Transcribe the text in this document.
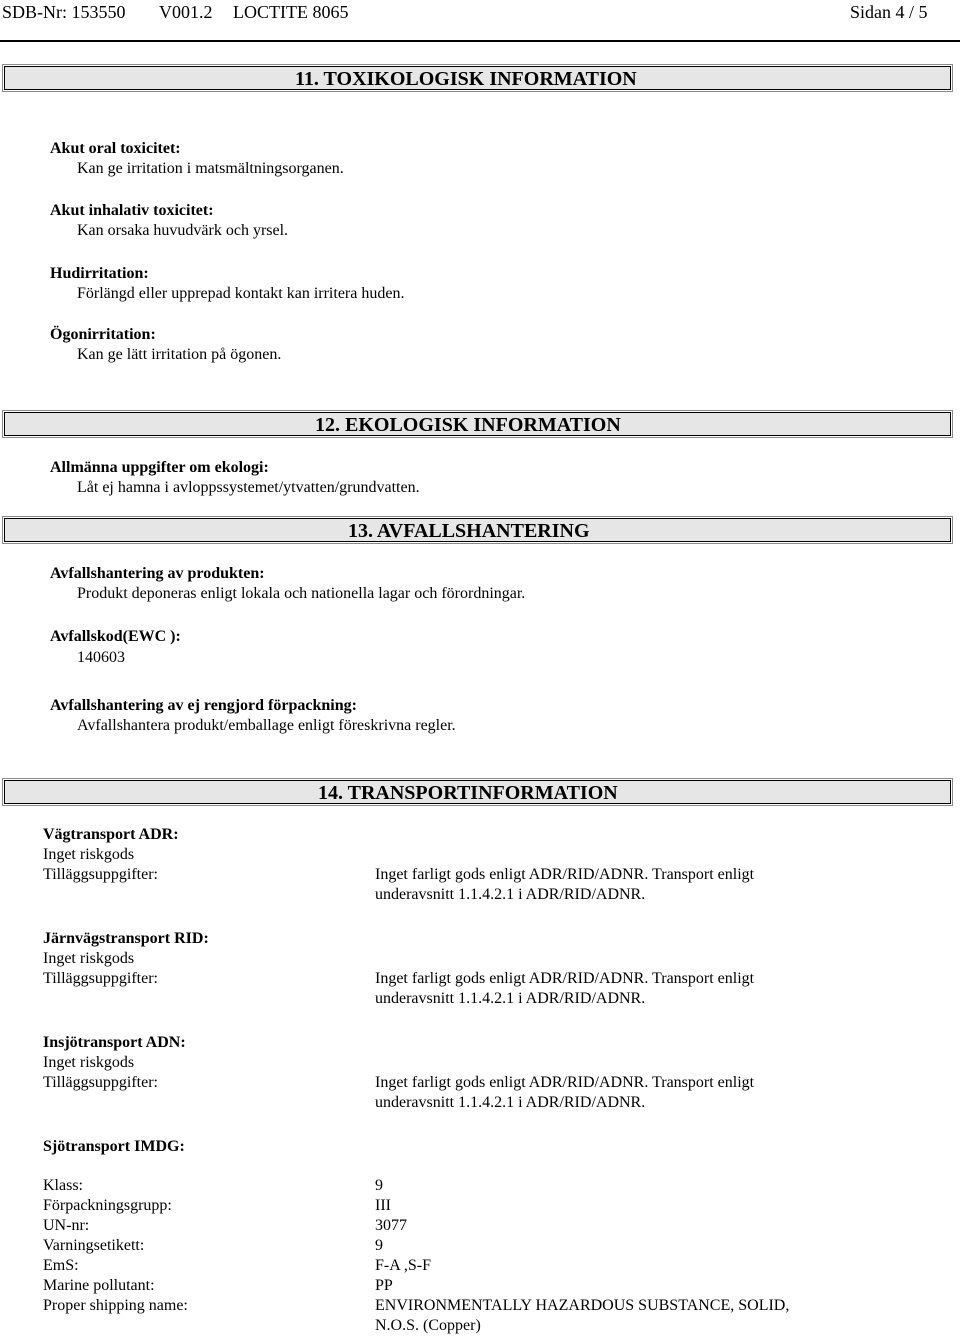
SDB-Nr: 153550 V001.2 LOCTITE 8065	Sidan 4 / 5
11. TOXIKOLOGISK INFORMATION
Akut oral toxicitet:
Kan ge irritation i matsmältningsorganen.
Akut inhalativ toxicitet:
Kan orsaka huvudvärk och yrsel.
Hudirritation:
Förlängd eller upprepad kontakt kan irritera huden.
Ögonirritation:
Kan ge lätt irritation på ögonen.
12. EKOLOGISK INFORMATION
Allmänna uppgifter om ekologi:
Låt ej hamna i avloppssystemet/ytvatten/grundvatten.
13. AVFALLSHANTERING
Avfallshantering av produkten:
Produkt deponeras enligt lokala och nationella lagar och förordningar.
Avfallskod(EWC ):
140603
Avfallshantering av ej rengjord förpackning:
Avfallshantera produkt/emballage enligt föreskrivna regler.
14. TRANSPORTINFORMATION
Vägtransport ADR:
Inget riskgods
Tilläggsuppgifter:	Inget farligt gods enligt ADR/RID/ADNR. Transport enligt
underavsnitt 1.1.4.2.1 i ADR/RID/ADNR.
Järnvägstransport RID:
Inget riskgods
Tilläggsuppgifter:	Inget farligt gods enligt ADR/RID/ADNR. Transport enligt
underavsnitt 1.1.4.2.1 i ADR/RID/ADNR.
Insjötransport ADN:
Inget riskgods
Tilläggsuppgifter:	Inget farligt gods enligt ADR/RID/ADNR. Transport enligt
underavsnitt 1.1.4.2.1 i ADR/RID/ADNR.
Sjötransport IMDG:
Klass:	9
Förpackningsgrupp:	III
UN-nr:	3077
Varningsetikett:	9
EmS:	F-A ,S-F
Marine pollutant:	PP
Proper shipping name:	ENVIRONMENTALLY HAZARDOUS SUBSTANCE, SOLID,
N.O.S. (Copper)
